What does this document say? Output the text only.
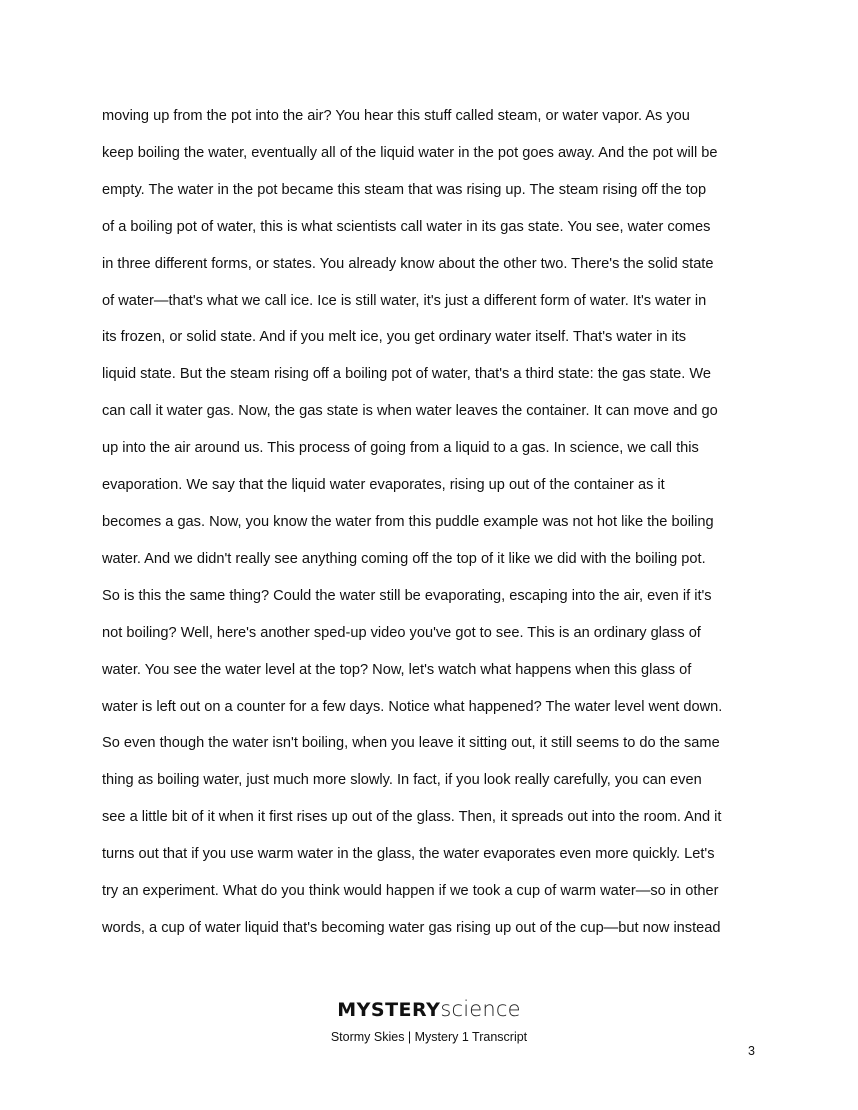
moving up from the pot into the air? You hear this stuff called steam, or water vapor. As you
keep boiling the water, eventually all of the liquid water in the pot goes away. And the pot will be
empty. The water in the pot became this steam that was rising up. The steam rising off the top
of a boiling pot of water, this is what scientists call water in its gas state. You see, water comes
in three different forms, or states. You already know about the other two. There's the solid state
of water—that's what we call ice. Ice is still water, it's just a different form of water. It's water in
its frozen, or solid state. And if you melt ice, you get ordinary water itself. That's water in its
liquid state. But the steam rising off a boiling pot of water, that's a third state: the gas state. We
can call it water gas. Now, the gas state is when water leaves the container. It can move and go
up into the air around us. This process of going from a liquid to a gas. In science, we call this
evaporation. We say that the liquid water evaporates, rising up out of the container as it
becomes a gas. Now, you know the water from this puddle example was not hot like the boiling
water. And we didn't really see anything coming off the top of it like we did with the boiling pot.
So is this the same thing? Could the water still be evaporating, escaping into the air, even if it's
not boiling? Well, here's another sped-up video you've got to see. This is an ordinary glass of
water. You see the water level at the top? Now, let's watch what happens when this glass of
water is left out on a counter for a few days. Notice what happened? The water level went down.
So even though the water isn't boiling, when you leave it sitting out, it still seems to do the same
thing as boiling water, just much more slowly. In fact, if you look really carefully, you can even
see a little bit of it when it first rises up out of the glass. Then, it spreads out into the room. And it
turns out that if you use warm water in the glass, the water evaporates even more quickly. Let's
try an experiment. What do you think would happen if we took a cup of warm water—so in other
words, a cup of water liquid that's becoming water gas rising up out of the cup—but now instead
MYSTERYscience
Stormy Skies | Mystery 1 Transcript
3
